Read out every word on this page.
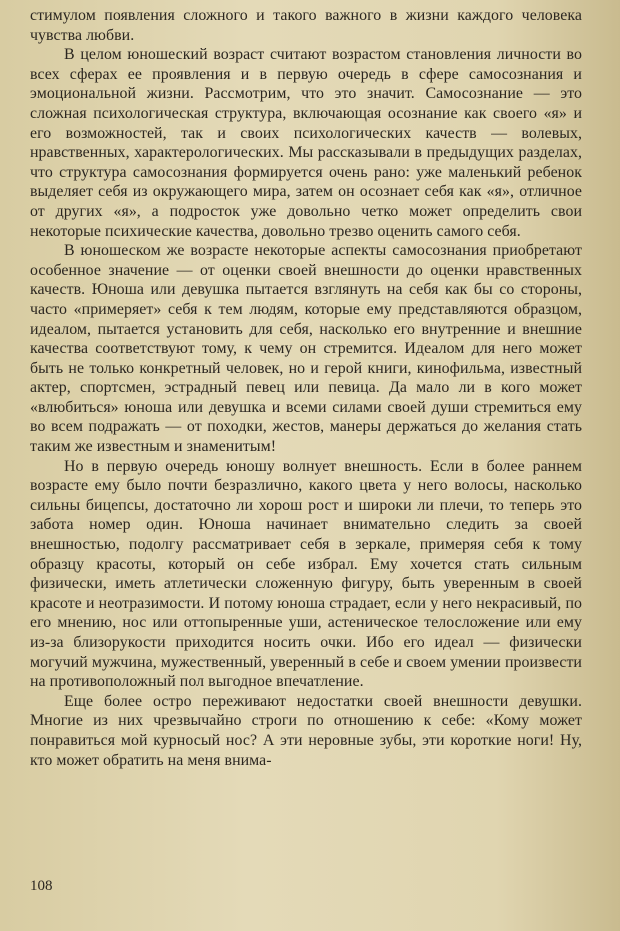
стимулом появления сложного и такого важного в жизни каждого человека чувства любви.

В целом юношеский возраст считают возрастом становления личности во всех сферах ее проявления и в первую очередь в сфере самосознания и эмоциональной жизни. Рассмотрим, что это значит. Самосознание — это сложная психологическая структура, включающая осознание как своего «я» и его возможностей, так и своих психологических качеств — волевых, нравственных, характерологических. Мы рассказывали в предыдущих разделах, что структура самосознания формируется очень рано: уже маленький ребенок выделяет себя из окружающего мира, затем он осознает себя как «я», отличное от других «я», а подросток уже довольно четко может определить свои некоторые психические качества, довольно трезво оценить самого себя.

В юношеском же возрасте некоторые аспекты самосознания приобретают особенное значение — от оценки своей внешности до оценки нравственных качеств. Юноша или девушка пытается взглянуть на себя как бы со стороны, часто «примеряет» себя к тем людям, которые ему представляются образцом, идеалом, пытается установить для себя, насколько его внутренние и внешние качества соответствуют тому, к чему он стремится. Идеалом для него может быть не только конкретный человек, но и герой книги, кинофильма, известный актер, спортсмен, эстрадный певец или певица. Да мало ли в кого может «влюбиться» юноша или девушка и всеми силами своей души стремиться ему во всем подражать — от походки, жестов, манеры держаться до желания стать таким же известным и знаменитым!

Но в первую очередь юношу волнует внешность. Если в более раннем возрасте ему было почти безразлично, какого цвета у него волосы, насколько сильны бицепсы, достаточно ли хорош рост и широки ли плечи, то теперь это забота номер один. Юноша начинает внимательно следить за своей внешностью, подолгу рассматривает себя в зеркале, примеряя себя к тому образцу красоты, который он себе избрал. Ему хочется стать сильным физически, иметь атлетически сложенную фигуру, быть уверенным в своей красоте и неотразимости. И потому юноша страдает, если у него некрасивый, по его мнению, нос или оттопыренные уши, астеническое телосложение или ему из-за близорукости приходится носить очки. Ибо его идеал — физически могучий мужчина, мужественный, уверенный в себе и своем умении произвести на противоположный пол выгодное впечатление.

Еще более остро переживают недостатки своей внешности девушки. Многие из них чрезвычайно строги по отношению к себе: «Кому может понравиться мой курносый нос? А эти неровные зубы, эти короткие ноги! Ну, кто может обратить на меня внима-

108
